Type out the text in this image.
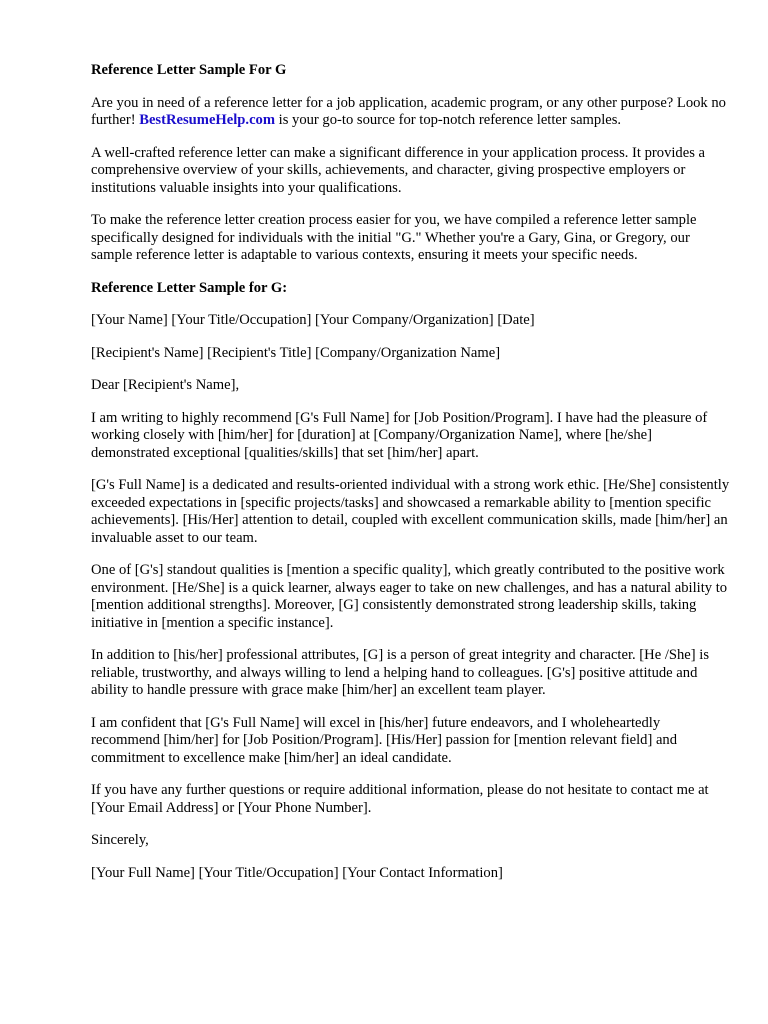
Reference Letter Sample For G

Are you in need of a reference letter for a job application, academic program, or any other purpose? Look no further! BestResumeHelp.com is your go-to source for top-notch reference letter samples.

A well-crafted reference letter can make a significant difference in your application process. It provides a comprehensive overview of your skills, achievements, and character, giving prospective employers or institutions valuable insights into your qualifications.

To make the reference letter creation process easier for you, we have compiled a reference letter sample specifically designed for individuals with the initial "G." Whether you're a Gary, Gina, or Gregory, our sample reference letter is adaptable to various contexts, ensuring it meets your specific needs.

Reference Letter Sample for G:

[Your Name] [Your Title/Occupation] [Your Company/Organization] [Date]

[Recipient's Name] [Recipient's Title] [Company/Organization Name]

Dear [Recipient's Name],

I am writing to highly recommend [G's Full Name] for [Job Position/Program]. I have had the pleasure of working closely with [him/her] for [duration] at [Company/Organization Name], where [he/she] demonstrated exceptional [qualities/skills] that set [him/her] apart.

[G's Full Name] is a dedicated and results-oriented individual with a strong work ethic. [He/She] consistently exceeded expectations in [specific projects/tasks] and showcased a remarkable ability to [mention specific achievements]. [His/Her] attention to detail, coupled with excellent communication skills, made [him/her] an invaluable asset to our team.

One of [G's] standout qualities is [mention a specific quality], which greatly contributed to the positive work environment. [He/She] is a quick learner, always eager to take on new challenges, and has a natural ability to [mention additional strengths]. Moreover, [G] consistently demonstrated strong leadership skills, taking initiative in [mention a specific instance].

In addition to [his/her] professional attributes, [G] is a person of great integrity and character. [He /She] is reliable, trustworthy, and always willing to lend a helping hand to colleagues. [G's] positive attitude and ability to handle pressure with grace make [him/her] an excellent team player.

I am confident that [G's Full Name] will excel in [his/her] future endeavors, and I wholeheartedly recommend [him/her] for [Job Position/Program]. [His/Her] passion for [mention relevant field] and commitment to excellence make [him/her] an ideal candidate.

If you have any further questions or require additional information, please do not hesitate to contact me at [Your Email Address] or [Your Phone Number].

Sincerely,

[Your Full Name] [Your Title/Occupation] [Your Contact Information]
